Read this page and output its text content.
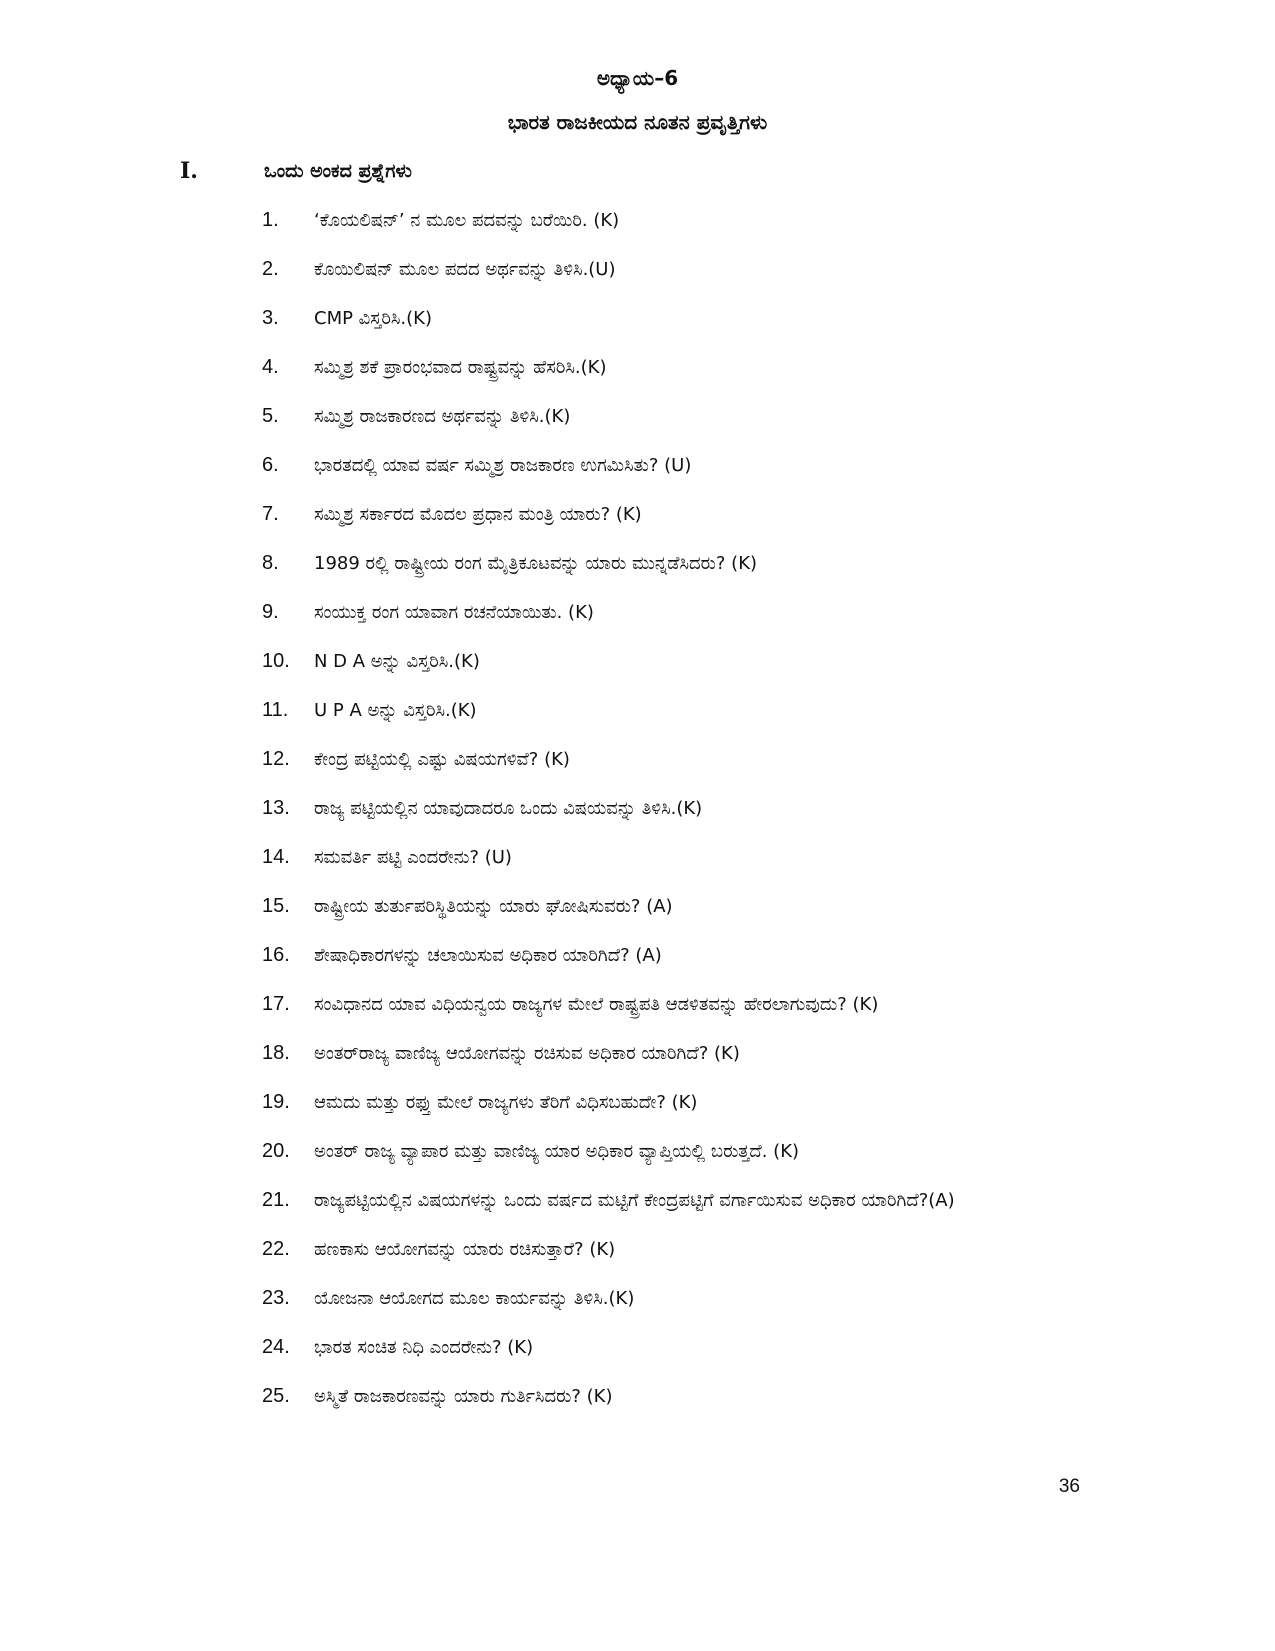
ಅಧ್ಯಾಯ–6
ಭಾರತ ರಾಜಕೀಯದ ನೂತನ ಪ್ರವೃತ್ತಿಗಳು
I.	ಒಂದು ಅಂಕದ ಪ್ರಶ್ನೆಗಳು
1.	‘ಕೊಯಲಿಷನ್’ ನ ಮೂಲ ಪದವನ್ನು ಬರೆಯಿರಿ. (K)
2.	ಕೊಯಿಲಿಷನ್ ಮೂಲ ಪದದ ಅರ್ಥವನ್ನು ತಿಳಿಸಿ.(U)
3.	CMP ವಿಸ್ತರಿಸಿ.(K)
4.	ಸಮ್ಮಿಶ್ರ ಶಕೆ ಪ್ರಾರಂಭವಾದ ರಾಷ್ಟ್ರವನ್ನು ಹೆಸರಿಸಿ.(K)
5.	ಸಮ್ಮಿಶ್ರ ರಾಜಕಾರಣದ ಅರ್ಥವನ್ನು ತಿಳಿಸಿ.(K)
6.	ಭಾರತದಲ್ಲಿ ಯಾವ ವರ್ಷ ಸಮ್ಮಿಶ್ರ ರಾಜಕಾರಣ ಉಗಮಿಸಿತು? (U)
7.	ಸಮ್ಮಿಶ್ರ ಸರ್ಕಾರದ ಮೊದಲ ಪ್ರಧಾನ ಮಂತ್ರಿ ಯಾರು? (K)
8.	1989 ರಲ್ಲಿ ರಾಷ್ಟ್ರೀಯ ರಂಗ ಮೈತ್ರಿಕೂಟವನ್ನು ಯಾರು ಮುನ್ನಡೆಸಿದರು? (K)
9.	ಸಂಯುಕ್ತ ರಂಗ ಯಾವಾಗ ರಚನೆಯಾಯಿತು. (K)
10.	N D A ಅನ್ನು ವಿಸ್ತರಿಸಿ.(K)
11.	U P A ಅನ್ನು ವಿಸ್ತರಿಸಿ.(K)
12.	ಕೇಂದ್ರ ಪಟ್ಟಿಯಲ್ಲಿ ಎಷ್ಟು ವಿಷಯಗಳಿವೆ? (K)
13.	ರಾಜ್ಯ ಪಟ್ಟಿಯಲ್ಲಿನ ಯಾವುದಾದರೂ ಒಂದು ವಿಷಯವನ್ನು ತಿಳಿಸಿ.(K)
14.	ಸಮವರ್ತಿ ಪಟ್ಟಿ ಎಂದರೇನು? (U)
15.	ರಾಷ್ಟ್ರೀಯ ತುರ್ತುಪರಿಸ್ಥಿತಿಯನ್ನು ಯಾರು ಘೋಷಿಸುವರು? (A)
16.	ಶೇಷಾಧಿಕಾರಗಳನ್ನು ಚಲಾಯಿಸುವ ಅಧಿಕಾರ ಯಾರಿಗಿದೆ? (A)
17.	ಸಂವಿಧಾನದ ಯಾವ ವಿಧಿಯನ್ವಯ ರಾಜ್ಯಗಳ ಮೇಲೆ ರಾಷ್ಟ್ರಪತಿ ಆಡಳಿತವನ್ನು ಹೇರಲಾಗುವುದು? (K)
18.	ಅಂತರ್‌ರಾಜ್ಯ ವಾಣಿಜ್ಯ ಆಯೋಗವನ್ನು ರಚಿಸುವ ಅಧಿಕಾರ ಯಾರಿಗಿದೆ? (K)
19.	ಆಮದು ಮತ್ತು ರಫ್ತು ಮೇಲೆ ರಾಜ್ಯಗಳು ತೆರಿಗೆ ವಿಧಿಸಬಹುದೇ? (K)
20.	ಅಂತರ್ ರಾಜ್ಯ ವ್ಯಾಪಾರ ಮತ್ತು ವಾಣಿಜ್ಯ ಯಾರ ಅಧಿಕಾರ ವ್ಯಾಪ್ತಿಯಲ್ಲಿ ಬರುತ್ತದೆ. (K)
21.	ರಾಜ್ಯಪಟ್ಟಿಯಲ್ಲಿನ ವಿಷಯಗಳನ್ನು ಒಂದು ವರ್ಷದ ಮಟ್ಟಿಗೆ ಕೇಂದ್ರಪಟ್ಟಿಗೆ ವರ್ಗಾಯಿಸುವ ಅಧಿಕಾರ ಯಾರಿಗಿದೆ?(A)
22.	ಹಣಕಾಸು ಆಯೋಗವನ್ನು ಯಾರು ರಚಿಸುತ್ತಾರೆ? (K)
23.	ಯೋಜನಾ ಆಯೋಗದ ಮೂಲ ಕಾರ್ಯವನ್ನು ತಿಳಿಸಿ.(K)
24.	ಭಾರತ ಸಂಚಿತ ನಿಧಿ ಎಂದರೇನು? (K)
25.	ಅಸ್ಮಿತೆ ರಾಜಕಾರಣವನ್ನು ಯಾರು ಗುರ್ತಿಸಿದರು? (K)
36
